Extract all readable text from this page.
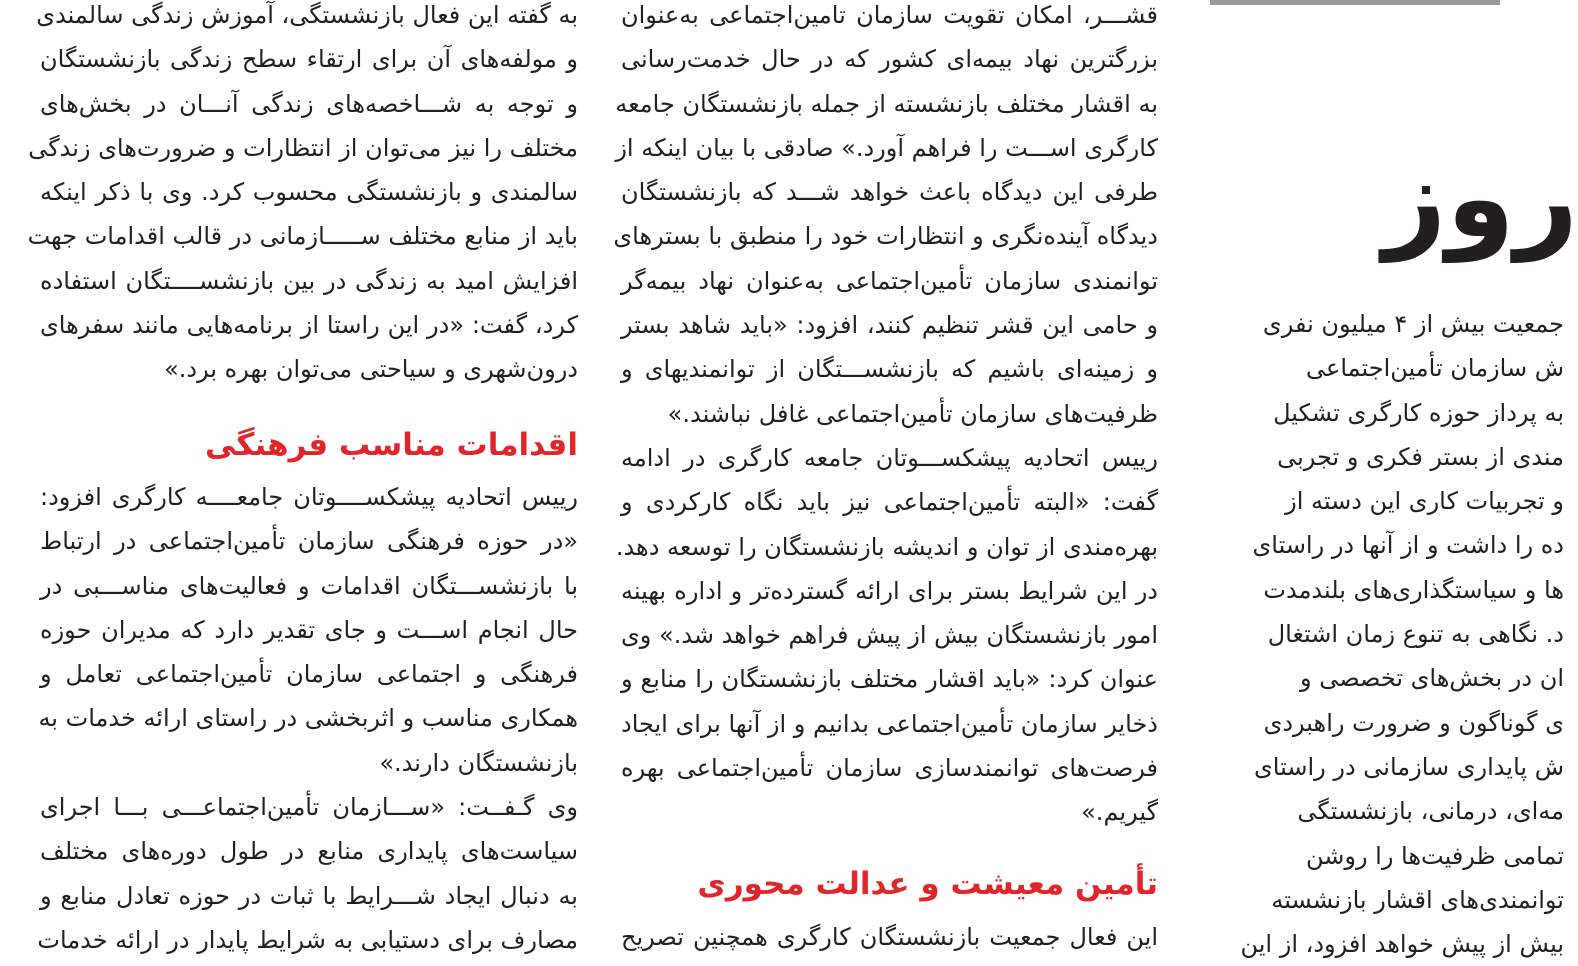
به گفته این فعال بازنشستگی، آموزش زندگی سالمندی
و مولفه‌های آن برای ارتقاء سطح زندگی بازنشستگان
و توجه به شـــاخصه‌های زندگی آنـــان در بخش‌های
مختلف را نیز می‌توان از انتظارات و ضرورت‌های زندگی
سالمندی و بازنشستگی محسوب کرد. وی با ذکر اینکه
باید از منابع مختلف ســـــازمانی در قالب اقدامات جهت
افزایش امید به زندگی در بین بازنشســــتگان استفاده
کرد، گفت: «در این راستا از برنامه‌هایی مانند سفرهای
درون‌شهری و سیاحتی می‌توان بهره برد.»
اقدامات مناسب فرهنگی
رییس اتحادیه پیشکســــوتان جامعــــه کارگری افزود:
«در حوزه فرهنگی سازمان تأمین‌اجتماعی در ارتباط
با بازنشســـتگان اقدامات و فعالیت‌های مناســـبی در
حال انجام اســـت و جای تقدیر دارد که مدیران حوزه
فرهنگی و اجتماعی سازمان تأمین‌اجتماعی تعامل و
همکاری مناسب و اثربخشی در راستای ارائه خدمات به
بازنشستگان دارند.»
وی گـفــت: «ســـازمان تأمین‌اجتماعـــی بـــا اجرای
سیاست‌های پایداری منابع در طول دوره‌های مختلف
به دنبال ایجاد شـــرایط با ثبات در حوزه تعادل منابع و
مصارف برای دستیابی به شرایط پایدار در ارائه خدمات
قشـــر، امکان تقویت سازمان تامین‌اجتماعی به‌عنوان
بزرگترین نهاد بیمه‌ای کشور که در حال خدمت‌رسانی
به اقشار مختلف بازنشسته از جمله بازنشستگان جامعه
کارگری اســـت را فراهم آورد.» صادقی با بیان اینکه از
طرفی این دیدگاه باعث خواهد شـــد که بازنشستگان
دیدگاه آینده‌نگری و انتظارات خود را منطبق با بسترهای
توانمندی سازمان تأمین‌اجتماعی به‌عنوان نهاد بیمه‌گر
و حامی این قشر تنظیم کنند، افزود: «باید شاهد بستر
و زمینه‌ای باشیم که بازنشســـتگان از توانمندیهای و
ظرفیت‌های سازمان تأمین‌اجتماعی غافل نباشند.»
رییس اتحادیه پیشکســـوتان جامعه کارگری در ادامه
گفت: «البته تأمین‌اجتماعی نیز باید نگاه کارکردی و
بهره‌مندی از توان و اندیشه بازنشستگان را توسعه دهد.
در این شرایط بستر برای ارائه گسترده‌تر و اداره بهینه
امور بازنشستگان بیش از پیش فراهم خواهد شد.» وی
عنوان کرد: «باید اقشار مختلف بازنشستگان را منابع و
ذخایر سازمان تأمین‌اجتماعی بدانیم و از آنها برای ایجاد
فرصت‌های توانمندسازی سازمان تأمین‌اجتماعی بهره
گیریم.»
تأمین معیشت و عدالت محوری
این فعال جمعیت بازنشستگان کارگری همچنین تصریح
روز
جمعیت بیش از ۴ میلیون نفری
ش سازمان تأمین‌اجتماعی
به پرداز حوزه کارگری تشکیل
مندی از بستر فکری و تجربی
و تجربیات کاری این دسته از
ده را داشت و از آنها در راستای
ها و سیاستگذاری‌های بلندمدت
د. نگاهی به تنوع زمان اشتغال
ان در بخش‌های تخصصی و
ی گوناگون و ضرورت راهبردی
ش پایداری سازمانی در راستای
مه‌ای، درمانی، بازنشستگی
تمامی ظرفیت‌ها را روشن
توانمندی‌های اقشار بازنشسته
بیش از پیش خواهد افزود، از این
